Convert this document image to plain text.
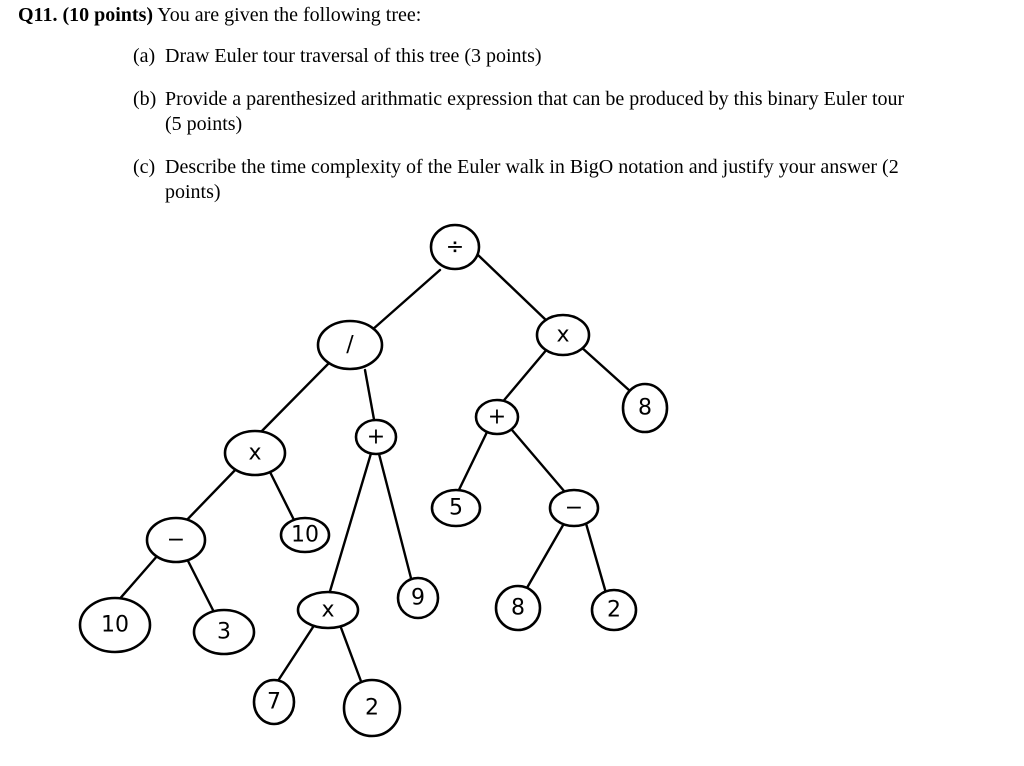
Q11. (10 points) You are given the following tree:
(a) Draw Euler tour traversal of this tree (3 points)
(b) Provide a parenthesized arithmatic expression that can be produced by this binary Euler tour
(5 points)
(c) Describe the time complexity of the Euler walk in BigO notation and justify your answer (2
points)
÷
/
x
x
8
+
+
−	10
5	−
10	3
x	9	8	2
7	2
